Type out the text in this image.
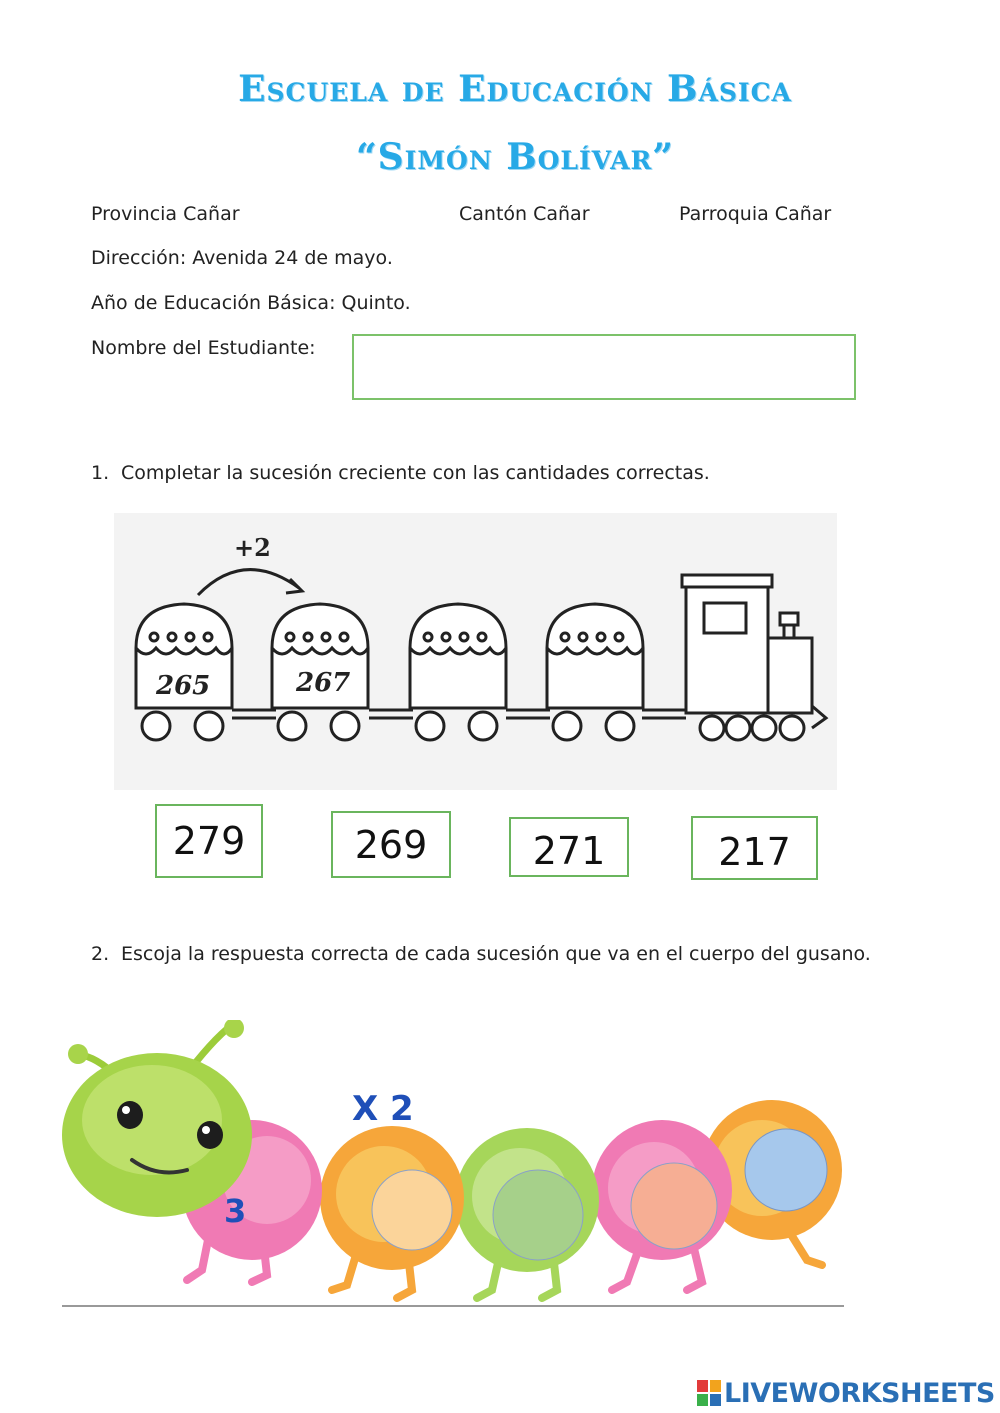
Escuela de Educación Básica
“Simón Bolívar”
Provincia Cañar	Cantón Cañar	Parroquia Cañar
Dirección: Avenida 24 de mayo.
Año de Educación Básica: Quinto.
Nombre del Estudiante:
1. Completar la sucesión creciente con las cantidades correctas.
+2
265	267
279	269	271	217
2. Escoja la respuesta correcta de cada sucesión que va en el cuerpo del gusano.
X 2
3
LIVEWORKSHEETS
